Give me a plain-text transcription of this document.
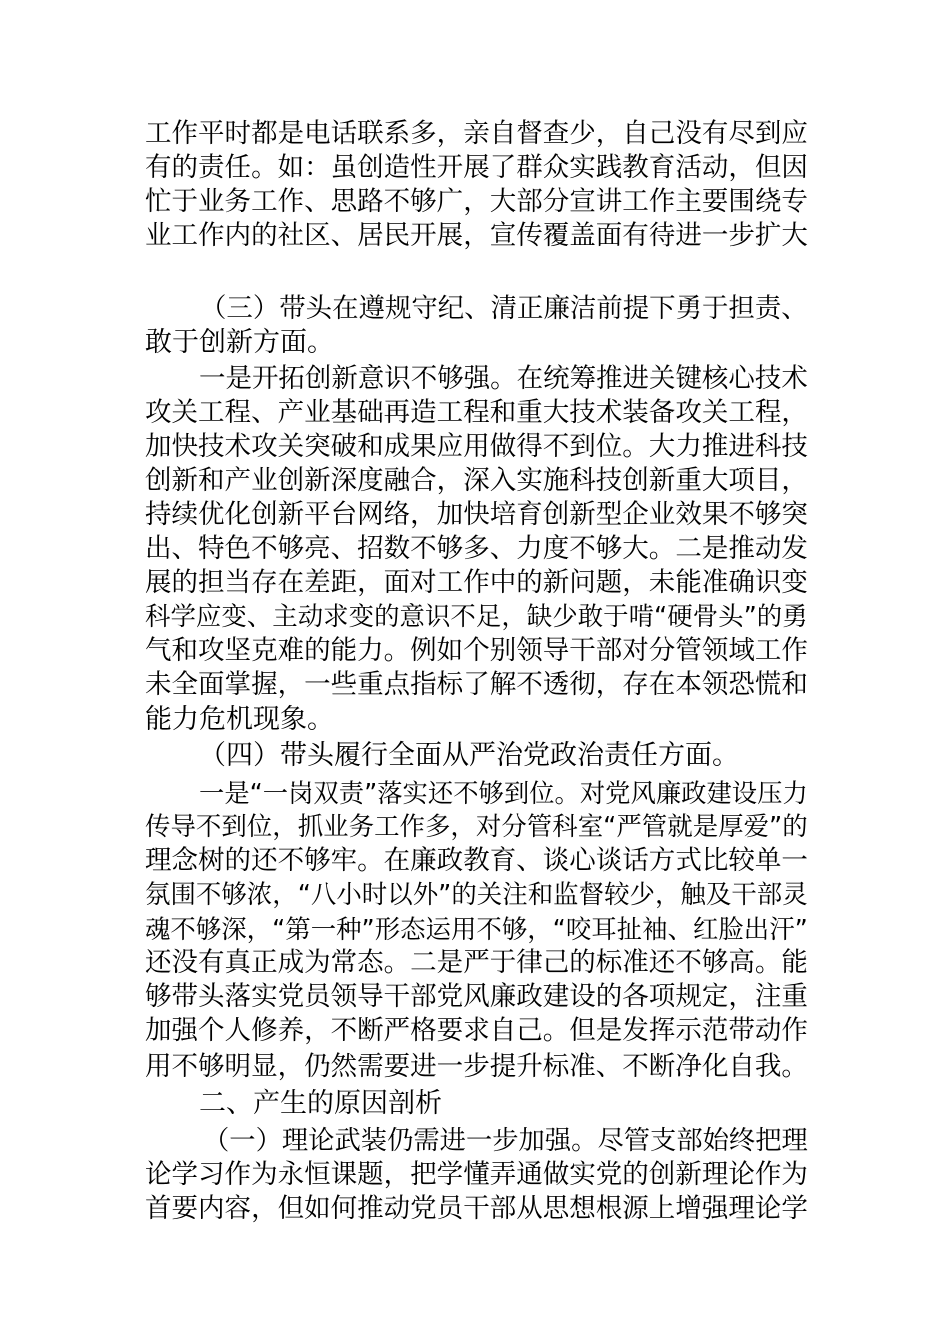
工作平时都是电话联系多，亲自督查少，自己没有尽到应
有的责任。如：虽创造性开展了群众实践教育活动，但因
忙于业务工作、思路不够广，大部分宣讲工作主要围绕专
业工作内的社区、居民开展，宣传覆盖面有待进一步扩大
（三）带头在遵规守纪、清正廉洁前提下勇于担责、
敢于创新方面。
一是开拓创新意识不够强。在统筹推进关键核心技术
攻关工程、产业基础再造工程和重大技术装备攻关工程，
加快技术攻关突破和成果应用做得不到位。大力推进科技
创新和产业创新深度融合，深入实施科技创新重大项目，
持续优化创新平台网络，加快培育创新型企业效果不够突
出、特色不够亮、招数不够多、力度不够大。二是推动发
展的担当存在差距，面对工作中的新问题，未能准确识变
科学应变、主动求变的意识不足，缺少敢于啃“硬骨头”的勇
气和攻坚克难的能力。例如个别领导干部对分管领域工作
未全面掌握，一些重点指标了解不透彻，存在本领恐慌和
能力危机现象。
（四）带头履行全面从严治党政治责任方面。
一是“一岗双责”落实还不够到位。对党风廉政建设压力
传导不到位，抓业务工作多，对分管科室“严管就是厚爱”的
理念树的还不够牢。在廉政教育、谈心谈话方式比较单一
氛围不够浓，“八小时以外”的关注和监督较少，触及干部灵
魂不够深，“第一种”形态运用不够，“咬耳扯袖、红脸出汗”
还没有真正成为常态。二是严于律己的标准还不够高。能
够带头落实党员领导干部党风廉政建设的各项规定，注重
加强个人修养，不断严格要求自己。但是发挥示范带动作
用不够明显，仍然需要进一步提升标准、不断净化自我。
二、产生的原因剖析
（一）理论武装仍需进一步加强。尽管支部始终把理
论学习作为永恒课题，把学懂弄通做实党的创新理论作为
首要内容，但如何推动党员干部从思想根源上增强理论学
